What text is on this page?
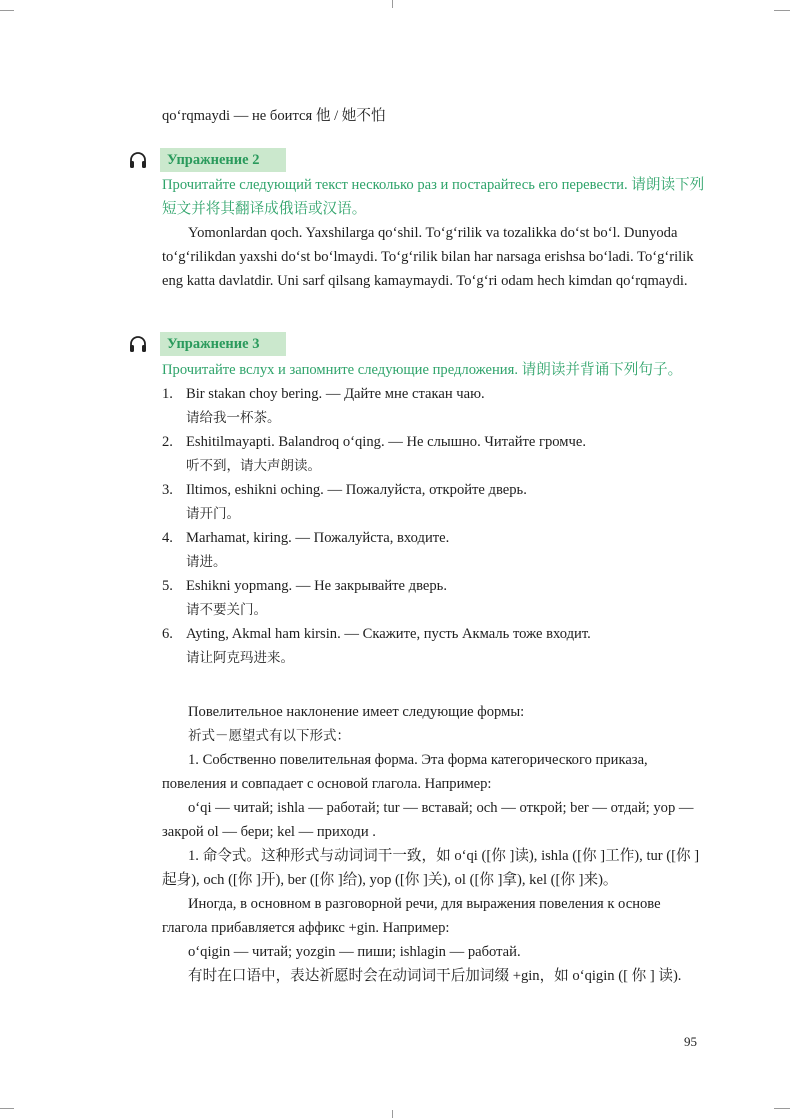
qo‘rqmaydi — не боится 他 / 她不怕

Упражнение 2

Прочитайте следующий текст несколько раз и постарайтесь его перевести. 请朗读下列短文并将其翻译成俄语或汉语。

Yomonlardan qoch. Yaxshilarga qo‘shil. To‘g‘rilik va tozalikka do‘st bo‘l. Dunyoda to‘g‘rilikdan yaxshi do‘st bo‘lmaydi. To‘g‘rilik bilan har narsaga erishsa bo‘ladi. To‘g‘rilik eng katta davlatdir. Uni sarf qilsang kamaymaydi. To‘g‘ri odam hech kimdan qo‘rqmaydi.

Упражнение 3

Прочитайте вслух и запомните следующие предложения. 请朗读并背诵下列句子。

1. Bir stakan choy bering. — Дайте мне стакан чаю.
请给我一杯茶。
2. Eshitilmayapti. Balandroq o‘qing. — Не слышно. Читайте громче.
听不到，请大声朗读。
3. Iltimos, eshikni oching. — Пожалуйста, откройте дверь.
请开门。
4. Marhamat, kiring. — Пожалуйста, входите.
请进。
5. Eshikni yopmang. — Не закрывайте дверь.
请不要关门。
6. Ayting, Akmal ham kirsin. — Скажите, пусть Акмаль тоже входит.
请让阿克玛进来。

Повелительное наклонение имеет следующие формы:

祈式－愿望式有以下形式：

1. Собственно повелительная форма. Эта форма категорического приказа, повеления и совпадает с основой глагола. Например:

o‘qi — читай; ishla — работай; tur — вставай; och — открой; ber — отдай; yop — закрой ol — бери; kel — приходи .

1. 命令式。这种形式与动词词干一致，如 o‘qi ([你 ]读), ishla ([你 ]工作), tur ([你 ]起身), och ([你 ]开), ber ([你 ]给), yop ([你 ]关), ol ([你 ]拿), kel ([你 ]来)。

Иногда, в основном в разговорной речи, для выражения повеления к основе глагола прибавляется аффикс +gin. Например:

o‘qigin — читай; yozgin — пиши; ishlagin — работай.

有时在口语中，表达祈愿时会在动词词干后加词缀 +gin，如 o‘qigin ([ 你 ] 读).

95
